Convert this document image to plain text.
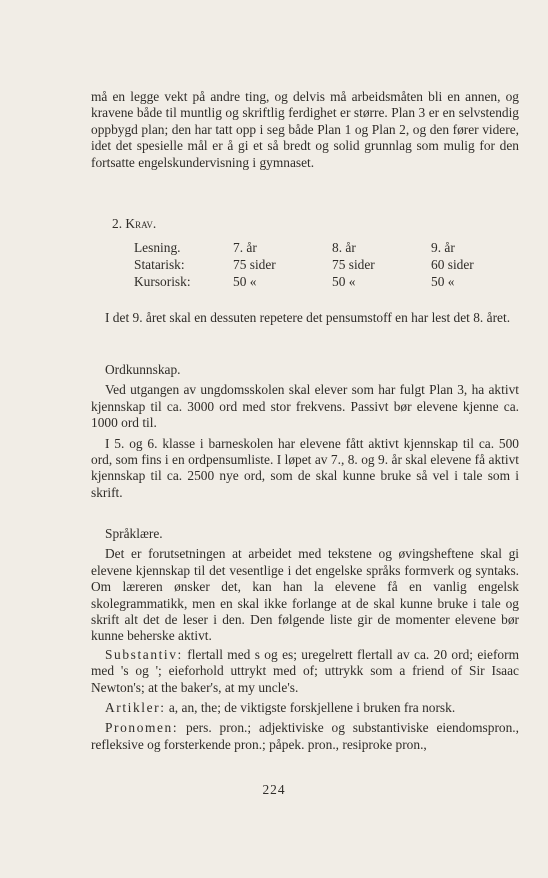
må en legge vekt på andre ting, og delvis må arbeidsmåten bli en annen, og kravene både til muntlig og skriftlig ferdighet er større. Plan 3 er en selvstendig oppbygd plan; den har tatt opp i seg både Plan 1 og Plan 2, og den fører videre, idet det spesielle mål er å gi et så bredt og solid grunnlag som mulig for den fortsatte engelskundervisning i gymnaset.

2. Krav.
Lesning.	7. år	8. år	9. år
Statarisk:	75 sider	75 sider	60 sider
Kursorisk:	50 «	50 «	50 «

I det 9. året skal en dessuten repetere det pensumstoff en har lest det 8. året.

Ordkunnskap.

Ved utgangen av ungdomsskolen skal elever som har fulgt Plan 3, ha aktivt kjennskap til ca. 3000 ord med stor frekvens. Passivt bør elevene kjenne ca. 1000 ord til.

I 5. og 6. klasse i barneskolen har elevene fått aktivt kjennskap til ca. 500 ord, som fins i en ordpensumliste. I løpet av 7., 8. og 9. år skal elevene få aktivt kjennskap til ca. 2500 nye ord, som de skal kunne bruke så vel i tale som i skrift.

Språklære.

Det er forutsetningen at arbeidet med tekstene og øvingsheftene skal gi elevene kjennskap til det vesentlige i det engelske språks formverk og syntaks. Om læreren ønsker det, kan han la elevene få en vanlig engelsk skolegrammatikk, men en skal ikke forlange at de skal kunne bruke i tale og skrift alt det de leser i den. Den følgende liste gir de momenter elevene bør kunne beherske aktivt.

Substantiv: flertall med s og es; uregelrett flertall av ca. 20 ord; eieform med 's og '; eieforhold uttrykt med of; uttrykk som a friend of Sir Isaac Newton's; at the baker's, at my uncle's.

Artikler: a, an, the; de viktigste forskjellene i bruken fra norsk.

Pronomen: pers. pron.; adjektiviske og substantiviske eiendomspron., refleksive og forsterkende pron.; påpek. pron., resiproke pron.,

224
